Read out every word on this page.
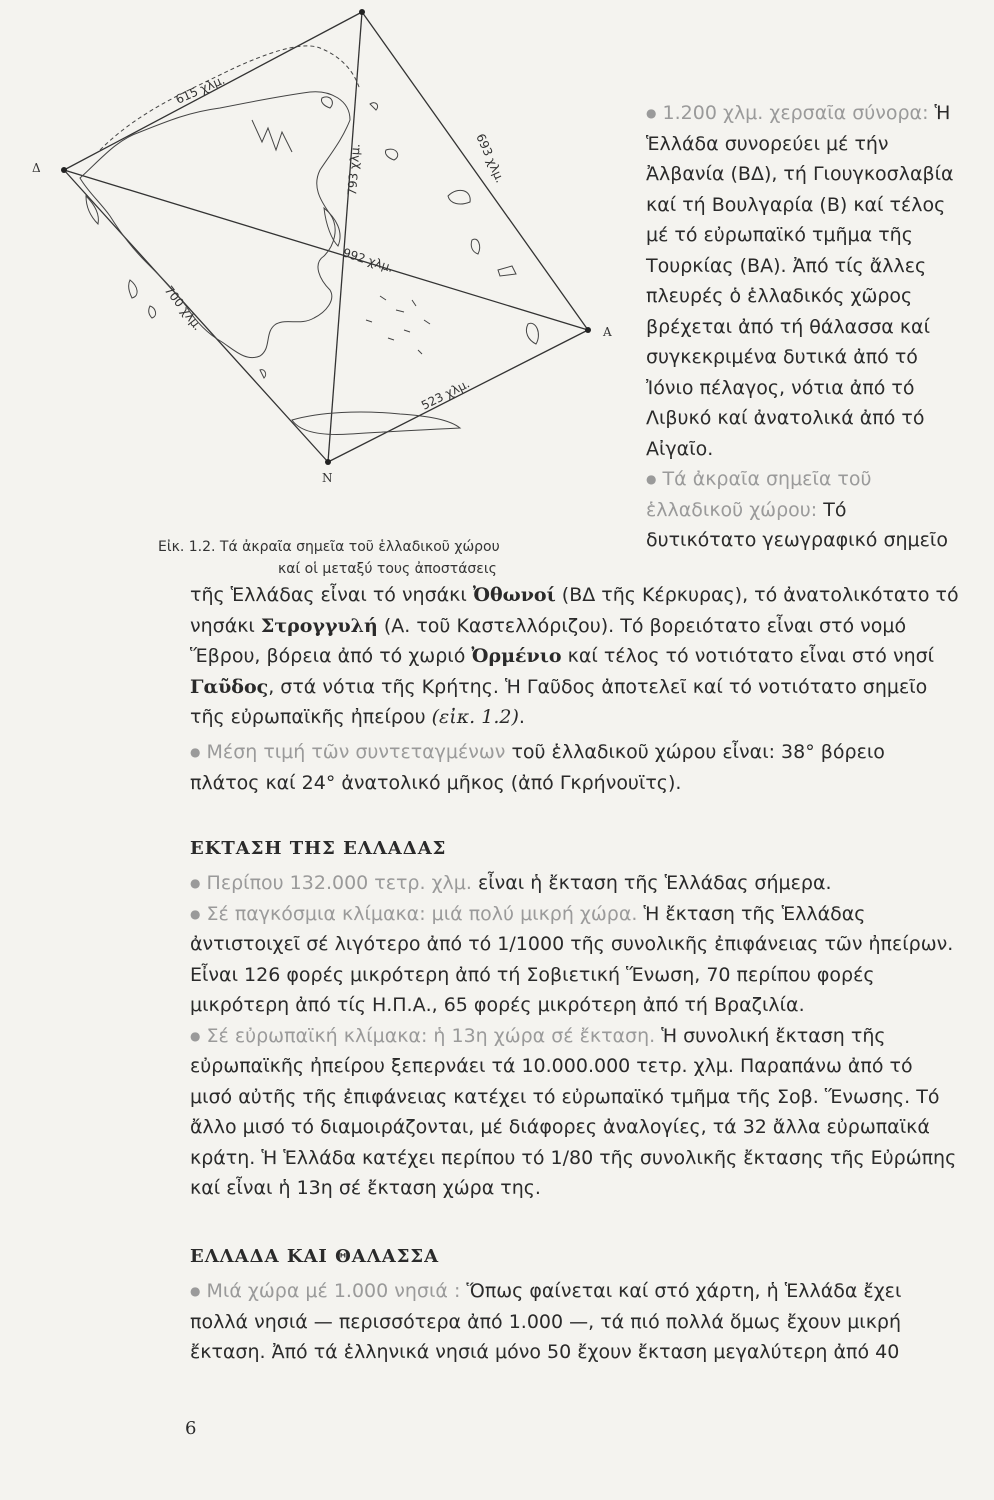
Δ
Α
Ν
615 χλμ.
693 χλμ.
793 χλμ.
992 χλμ.
700 χλμ.
523 χλμ.
Εἰκ. 1.2. Τά ἀκραῖα σημεῖα τοῦ ἑλλαδικοῦ χώρου
καί οἱ μεταξύ τους ἀποστάσεις

● 1.200 χλμ. χερσαῖα σύνορα: Ἡ Ἑλλάδα συνορεύει μέ τήν Ἀλβανία (ΒΔ), τή Γιουγκοσλαβία καί τή Βουλγαρία (Β) καί τέλος μέ τό εὐρωπαϊκό τμῆμα τῆς Τουρκίας (ΒΑ). Ἀπό τίς ἄλλες πλευρές ὁ ἑλλαδικός χῶρος βρέχεται ἀπό τή θάλασσα καί συγκεκριμένα δυτικά ἀπό τό Ἰόνιο πέλαγος, νότια ἀπό τό Λιβυκό καί ἀνατολικά ἀπό τό Αἰγαῖο.

● Τά ἀκραῖα σημεῖα τοῦ ἑλλαδικοῦ χώρου: Τό δυτικότατο γεωγραφικό σημεῖο

τῆς Ἑλλάδας εἶναι τό νησάκι Ὀθωνοί (ΒΔ τῆς Κέρκυρας), τό ἀνατολικότατο τό νησάκι Στρογγυλή (Α. τοῦ Καστελλόριζου). Τό βορειότατο εἶναι στό νομό Ἕβρου, βόρεια ἀπό τό χωριό Ὀρμένιο καί τέλος τό νοτιότατο εἶναι στό νησί Γαῦδος, στά νότια τῆς Κρήτης. Ἡ Γαῦδος ἀποτελεῖ καί τό νοτιότατο σημεῖο τῆς εὐρωπαϊκῆς ἠπείρου (εἰκ. 1.2).

● Μέση τιμή τῶν συντεταγμένων τοῦ ἑλλαδικοῦ χώρου εἶναι: 38° βόρειο πλάτος καί 24° ἀνατολικό μῆκος (ἀπό Γκρήνουϊτς).

ΕΚΤΑΣΗ ΤΗΣ ΕΛΛΑΔΑΣ

● Περίπου 132.000 τετρ. χλμ. εἶναι ἡ ἔκταση τῆς Ἑλλάδας σήμερα.

● Σέ παγκόσμια κλίμακα: μιά πολύ μικρή χώρα. Ἡ ἔκταση τῆς Ἑλλάδας ἀντιστοιχεῖ σέ λιγότερο ἀπό τό 1/1000 τῆς συνολικῆς ἐπιφάνειας τῶν ἠπείρων. Εἶναι 126 φορές μικρότερη ἀπό τή Σοβιετική Ἕνωση, 70 περίπου φορές μικρότερη ἀπό τίς Η.Π.Α., 65 φορές μικρότερη ἀπό τή Βραζιλία.

● Σέ εὐρωπαϊκή κλίμακα: ἡ 13η χώρα σέ ἔκταση. Ἡ συνολική ἔκταση τῆς εὐρωπαϊκῆς ἠπείρου ξεπερνάει τά 10.000.000 τετρ. χλμ. Παραπάνω ἀπό τό μισό αὐτῆς τῆς ἐπιφάνειας κατέχει τό εὐρωπαϊκό τμῆμα τῆς Σοβ. Ἕνωσης. Τό ἄλλο μισό τό διαμοιράζονται, μέ διάφορες ἀναλογίες, τά 32 ἄλλα εὐρωπαϊκά κράτη. Ἡ Ἑλλάδα κατέχει περίπου τό 1/80 τῆς συνολικῆς ἔκτασης τῆς Εὐρώπης καί εἶναι ἡ 13η σέ ἔκταση χώρα της.

ΕΛΛΑΔΑ ΚΑΙ ΘΑΛΑΣΣΑ

● Μιά χώρα μέ 1.000 νησιά : Ὅπως φαίνεται καί στό χάρτη, ἡ Ἑλλάδα ἔχει πολλά νησιά — περισσότερα ἀπό 1.000 —, τά πιό πολλά ὅμως ἔχουν μικρή ἔκταση. Ἀπό τά ἑλληνικά νησιά μόνο 50 ἔχουν ἔκταση μεγαλύτερη ἀπό 40

6
